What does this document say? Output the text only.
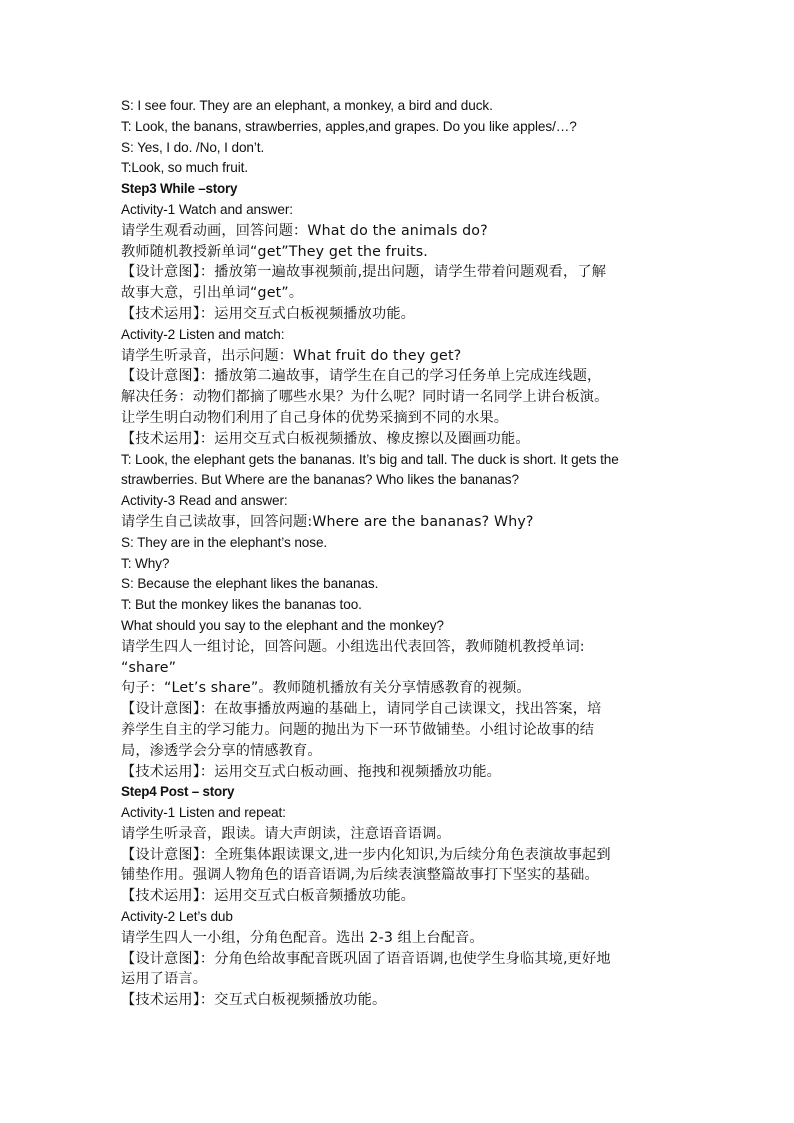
S: I see four. They are an elephant, a monkey, a bird and duck.

T: Look, the banans, strawberries, apples,and grapes. Do you like apples/…?

S: Yes, I do. /No, I don’t.

T:Look, so much fruit.

Step3 While –story

Activity-1 Watch and answer:

请学生观看动画，回答问题：What do the animals do?

教师随机教授新单词“get”They get the fruits.

【设计意图】：播放第一遍故事视频前,提出问题，请学生带着问题观看，了解

故事大意，引出单词“get”。

【技术运用】：运用交互式白板视频播放功能。

Activity-2 Listen and match:

请学生听录音，出示问题：What fruit do they get?

【设计意图】：播放第二遍故事，请学生在自己的学习任务单上完成连线题，

解决任务：动物们都摘了哪些水果？为什么呢？同时请一名同学上讲台板演。

让学生明白动物们利用了自己身体的优势采摘到不同的水果。

【技术运用】：运用交互式白板视频播放、橡皮擦以及圈画功能。

T: Look, the elephant gets the bananas. It’s big and tall. The duck is short. It gets the

strawberries. But Where are the bananas? Who likes the bananas?

Activity-3 Read and answer:

请学生自己读故事，回答问题:Where are the bananas? Why?

S: They are in the elephant’s nose.

T: Why?

S: Because the elephant likes the bananas.

T: But the monkey likes the bananas too.

What should you say to the elephant and the monkey?

请学生四人一组讨论，回答问题。小组选出代表回答，教师随机教授单词:

“share”

句子：“Let’s share”。教师随机播放有关分享情感教育的视频。

【设计意图】：在故事播放两遍的基础上，请同学自己读课文，找出答案，培

养学生自主的学习能力。问题的抛出为下一环节做铺垫。小组讨论故事的结

局，渗透学会分享的情感教育。

【技术运用】：运用交互式白板动画、拖拽和视频播放功能。

Step4 Post – story

Activity-1 Listen and repeat:

请学生听录音，跟读。请大声朗读，注意语音语调。

【设计意图】：全班集体跟读课文,进一步内化知识,为后续分角色表演故事起到

铺垫作用。强调人物角色的语音语调,为后续表演整篇故事打下坚实的基础。

【技术运用】：运用交互式白板音频播放功能。

Activity-2 Let’s dub

请学生四人一小组，分角色配音。选出 2-3 组上台配音。

【设计意图】：分角色给故事配音既巩固了语音语调,也使学生身临其境,更好地

运用了语言。

【技术运用】：交互式白板视频播放功能。
